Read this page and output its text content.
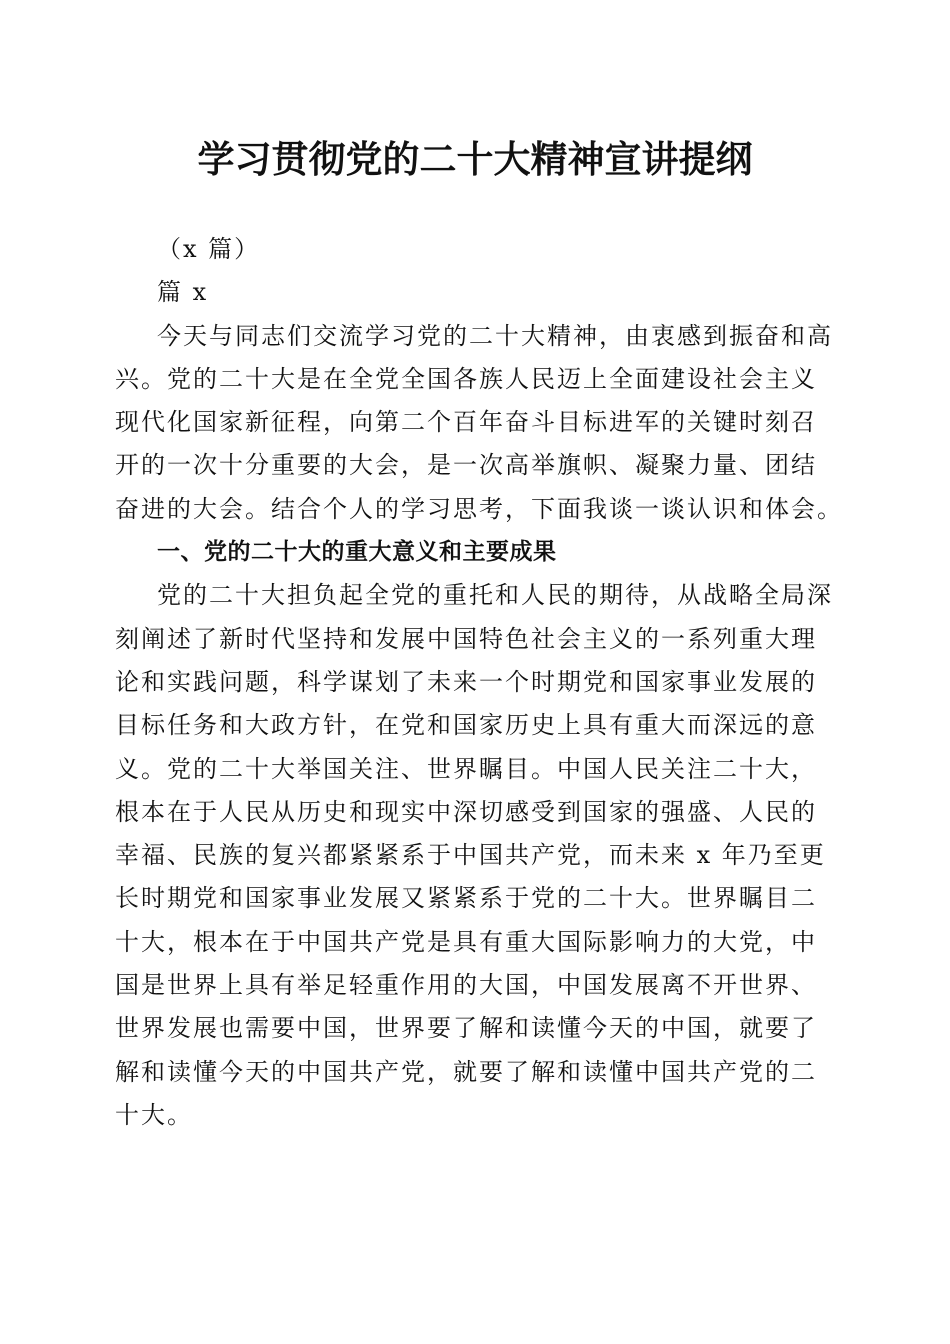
学习贯彻党的二十大精神宣讲提纲
（x 篇）
篇 x
今天与同志们交流学习党的二十大精神，由衷感到振奋和高
兴。党的二十大是在全党全国各族人民迈上全面建设社会主义
现代化国家新征程，向第二个百年奋斗目标进军的关键时刻召
开的一次十分重要的大会，是一次高举旗帜、凝聚力量、团结
奋进的大会。结合个人的学习思考，下面我谈一谈认识和体会。
一、党的二十大的重大意义和主要成果
党的二十大担负起全党的重托和人民的期待，从战略全局深
刻阐述了新时代坚持和发展中国特色社会主义的一系列重大理
论和实践问题，科学谋划了未来一个时期党和国家事业发展的
目标任务和大政方针，在党和国家历史上具有重大而深远的意
义。党的二十大举国关注、世界瞩目。中国人民关注二十大，
根本在于人民从历史和现实中深切感受到国家的强盛、人民的
幸福、民族的复兴都紧紧系于中国共产党，而未来 x 年乃至更
长时期党和国家事业发展又紧紧系于党的二十大。世界瞩目二
十大，根本在于中国共产党是具有重大国际影响力的大党，中
国是世界上具有举足轻重作用的大国，中国发展离不开世界、
世界发展也需要中国，世界要了解和读懂今天的中国，就要了
解和读懂今天的中国共产党，就要了解和读懂中国共产党的二
十大。
